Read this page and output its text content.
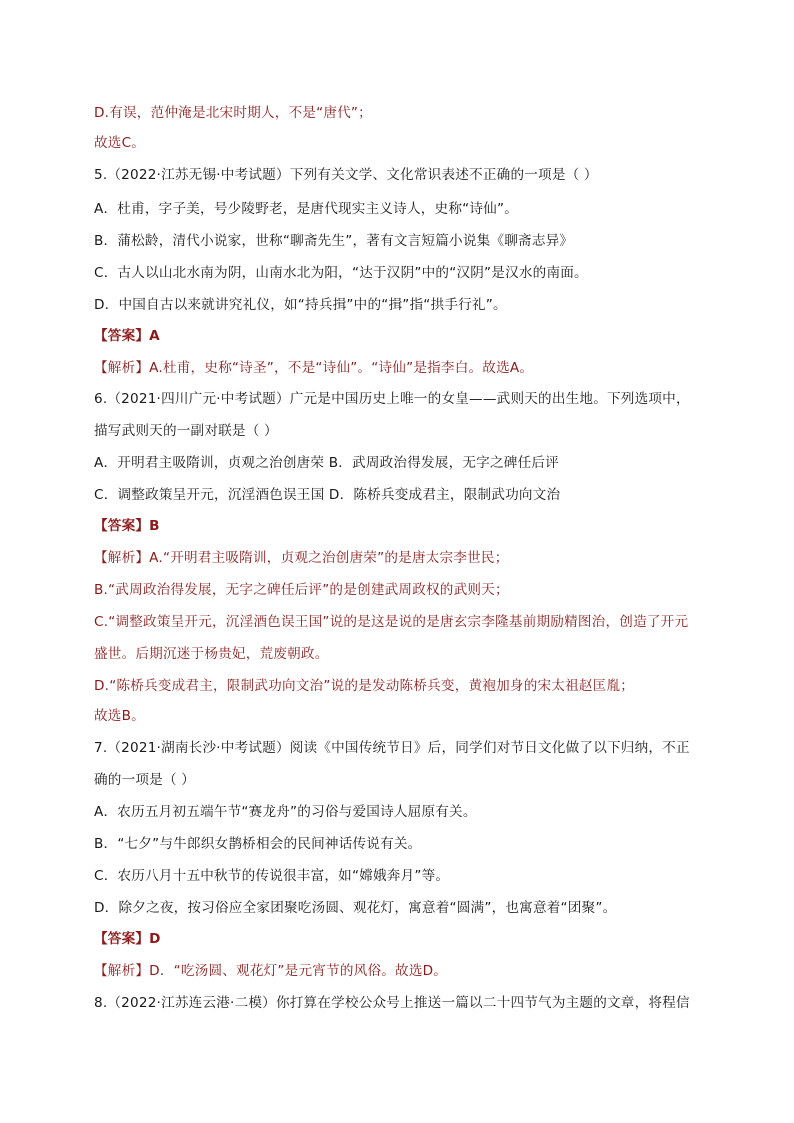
D.有误，范仲淹是北宋时期人，不是“唐代”；
故选C。
5.（2022·江苏无锡·中考试题）下列有关文学、文化常识表述不正确的一项是（ ）
A．杜甫，字子美，号少陵野老，是唐代现实主义诗人，史称“诗仙”。
B．蒲松龄，清代小说家，世称“聊斋先生”，著有文言短篇小说集《聊斋志异》
C．古人以山北水南为阴，山南水北为阳，“达于汉阴”中的“汉阴”是汉水的南面。
D．中国自古以来就讲究礼仪，如“持兵揖”中的“揖”指“拱手行礼”。
【答案】A
【解析】A.杜甫，史称“诗圣”，不是“诗仙”。“诗仙”是指李白。故选A。
6.（2021·四川广元·中考试题）广元是中国历史上唯一的女皇——武则天的出生地。下列选项中，
描写武则天的一副对联是（ ）
A．开明君主吸隋训，贞观之治创唐荣 B．武周政治得发展，无字之碑任后评
C．调整政策呈开元，沉淫酒色误王国 D．陈桥兵变成君主，限制武功向文治
【答案】B
【解析】A.“开明君主吸隋训，贞观之治创唐荣”的是唐太宗李世民；
B.“武周政治得发展，无字之碑任后评”的是创建武周政权的武则天；
C.“调整政策呈开元，沉淫酒色误王国”说的是这是说的是唐玄宗李隆基前期励精图治，创造了开元
盛世。后期沉迷于杨贵妃，荒废朝政。
D.“陈桥兵变成君主，限制武功向文治”说的是发动陈桥兵变，黄袍加身的宋太祖赵匡胤；
故选B。
7.（2021·湖南长沙·中考试题）阅读《中国传统节日》后，同学们对节日文化做了以下归纳，不正
确的一项是（ ）
A．农历五月初五端午节“赛龙舟”的习俗与爱国诗人屈原有关。
B．“七夕”与牛郎织女鹊桥相会的民间神话传说有关。
C．农历八月十五中秋节的传说很丰富，如“嫦娥奔月”等。
D．除夕之夜，按习俗应全家团聚吃汤圆、观花灯，寓意着“圆满”，也寓意着“团聚”。
【答案】D
【解析】D．“吃汤圆、观花灯”是元宵节的风俗。故选D。
8.（2022·江苏连云港·二模）你打算在学校公众号上推送一篇以二十四节气为主题的文章，将程信
